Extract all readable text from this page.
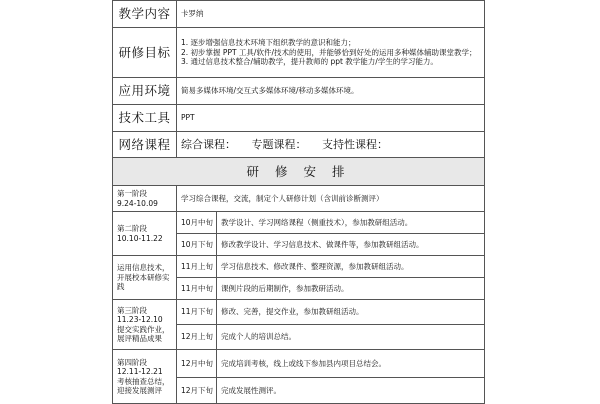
教学内容	卡罗纳	
研修目标	1. 逐步增强信息技术环境下组织教学的意识和能力；
2. 初步掌握 PPT 工具/软件/技术的使用，并能够恰到好处的运用多种媒体辅助课堂教学；
3. 通过信息技术整合/辅助教学，提升教师的 ppt 教学能力/学生的学习能力。	

应用环境	简易多媒体环境/交互式多媒体环境/移动多媒体环境。	
技术工具	PPT	
网络课程	综合课程： 专题课程： 支持性课程：	
研 修 安 排		

第一阶段
9.24-10.09	学习综合课程，交流，制定个人研修计划（含训前诊断测评）	

第二阶段
10.10-11.22	10月中旬	教学设计、学习网络课程（侧重技术），参加教研组活动。
	10月下旬	修改教学设计、学习信息技术、做课件等，参加教研组活动。
运用信息技术，开展校本研修实践	11月上旬	学习信息技术、修改课件、整理资源，参加教研组活动。
	11月中旬	课例片段的后期制作，参加教研活动。

第三阶段
11.23-12.10
提交实践作业，展评精品成果	11月下旬	修改、完善，提交作业，参加教研组活动。
	12月上旬	完成个人的培训总结。

第四阶段
12.11-12.21
考核抽查总结，迎接发展测评	12月中旬	完成培训考核，线上或线下参加县内项目总结会。
	12月下旬	完成发展性测评。
